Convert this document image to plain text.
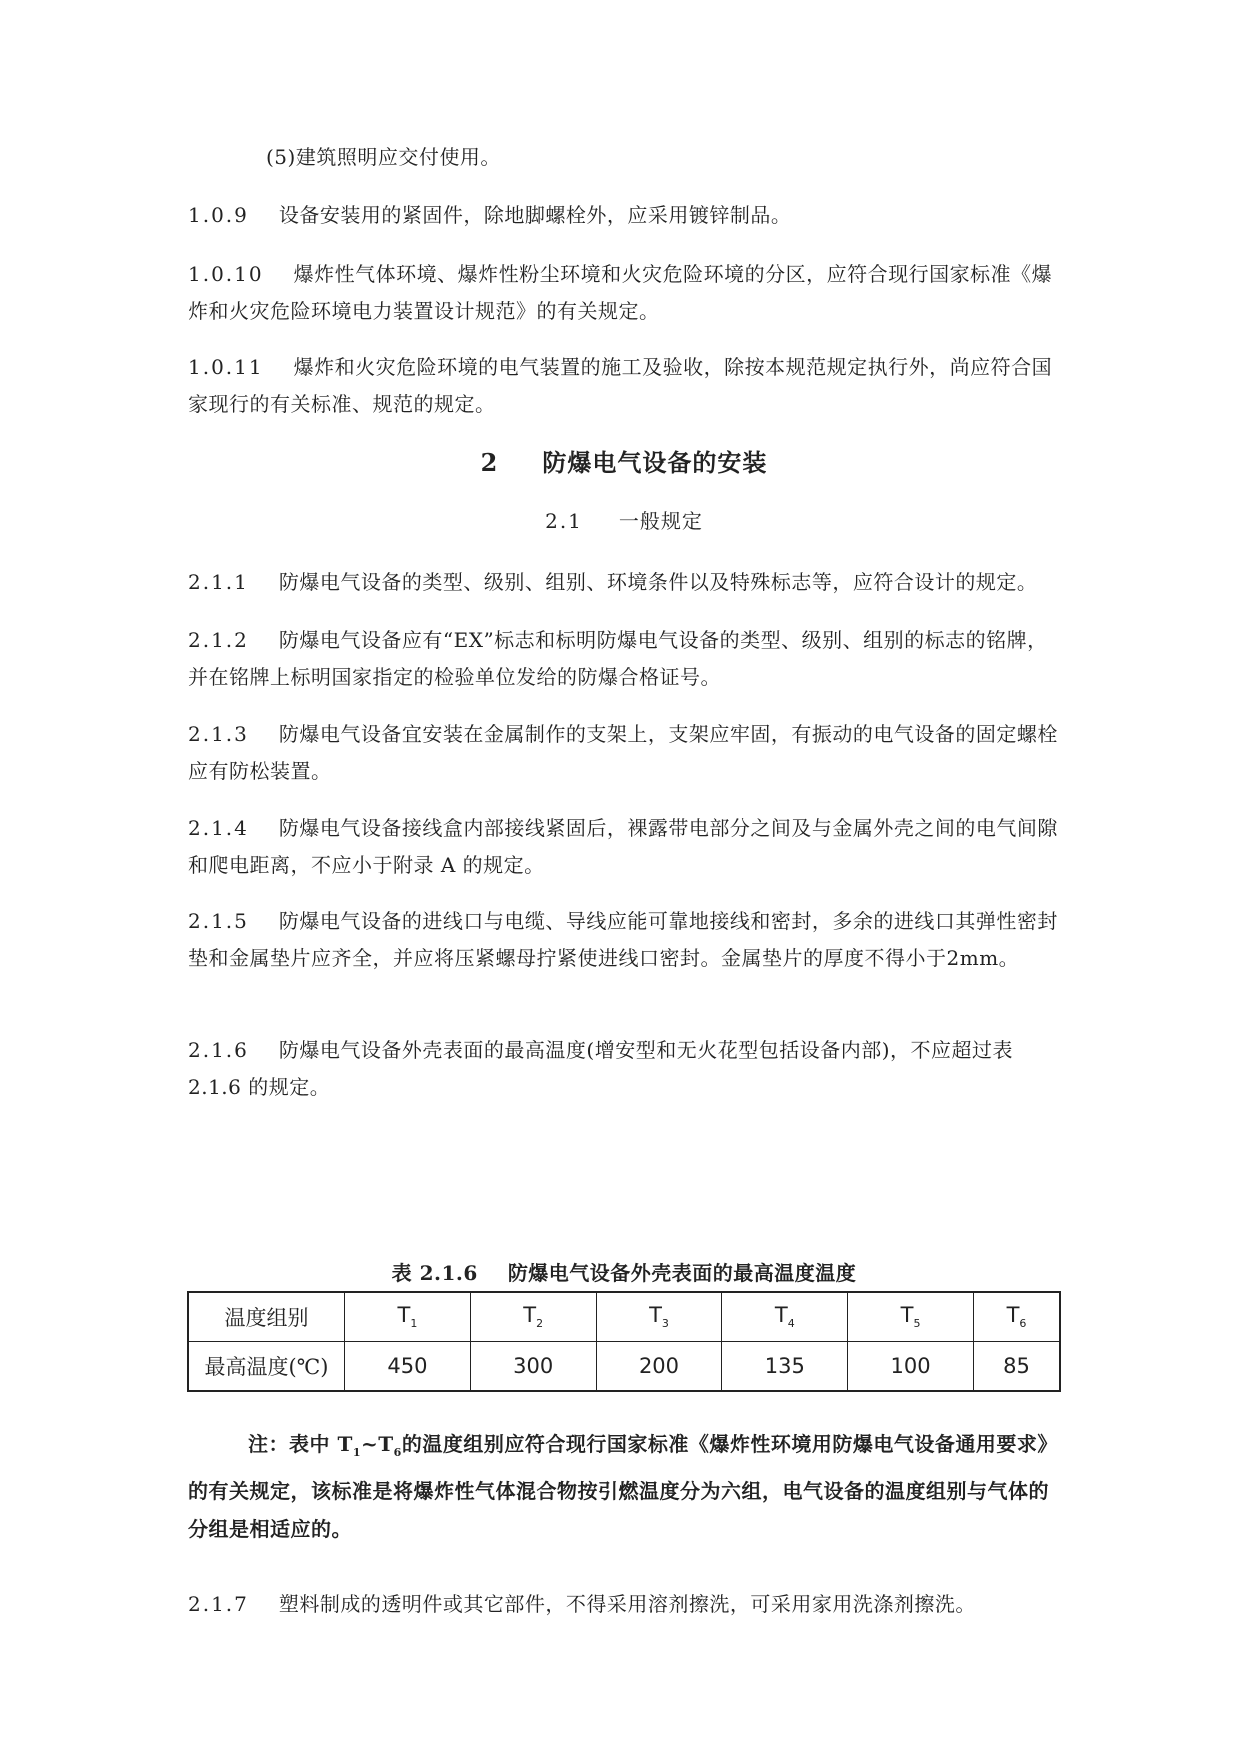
(5)建筑照明应交付使用。
1.0.9 设备安装用的紧固件，除地脚螺栓外，应采用镀锌制品。
1.0.10 爆炸性气体环境、爆炸性粉尘环境和火灾危险环境的分区，应符合现行国家标准《爆炸和火灾危险环境电力装置设计规范》的有关规定。
1.0.11 爆炸和火灾危险环境的电气装置的施工及验收，除按本规范规定执行外，尚应符合国家现行的有关标准、规范的规定。
2 防爆电气设备的安装
2.1 一般规定
2.1.1 防爆电气设备的类型、级别、组别、环境条件以及特殊标志等，应符合设计的规定。
2.1.2 防爆电气设备应有“EX”标志和标明防爆电气设备的类型、级别、组别的标志的铭牌，并在铭牌上标明国家指定的检验单位发给的防爆合格证号。
2.1.3 防爆电气设备宜安装在金属制作的支架上，支架应牢固，有振动的电气设备的固定螺栓应有防松装置。
2.1.4 防爆电气设备接线盒内部接线紧固后，裸露带电部分之间及与金属外壳之间的电气间隙和爬电距离，不应小于附录 A 的规定。
2.1.5 防爆电气设备的进线口与电缆、导线应能可靠地接线和密封，多余的进线口其弹性密封垫和金属垫片应齐全，并应将压紧螺母拧紧使进线口密封。金属垫片的厚度不得小于2mm。
2.1.6 防爆电气设备外壳表面的最高温度(增安型和无火花型包括设备内部)，不应超过表 2.1.6 的规定。
表 2.1.6 防爆电气设备外壳表面的最高温度温度
温度组别	$T_1$	$T_2$	$T_3$	$T_4$	$T_5$	$T_6$
最高温度(℃)	450	300	200	135	100	85
注：表中 $T_1\sim T_6$的温度组别应符合现行国家标准《爆炸性环境用防爆电气设备通用要求》的有关规定，该标准是将爆炸性气体混合物按引燃温度分为六组，电气设备的温度组别与气体的分组是相适应的。
2.1.7 塑料制成的透明件或其它部件，不得采用溶剂擦洗，可采用家用洗涤剂擦洗。
